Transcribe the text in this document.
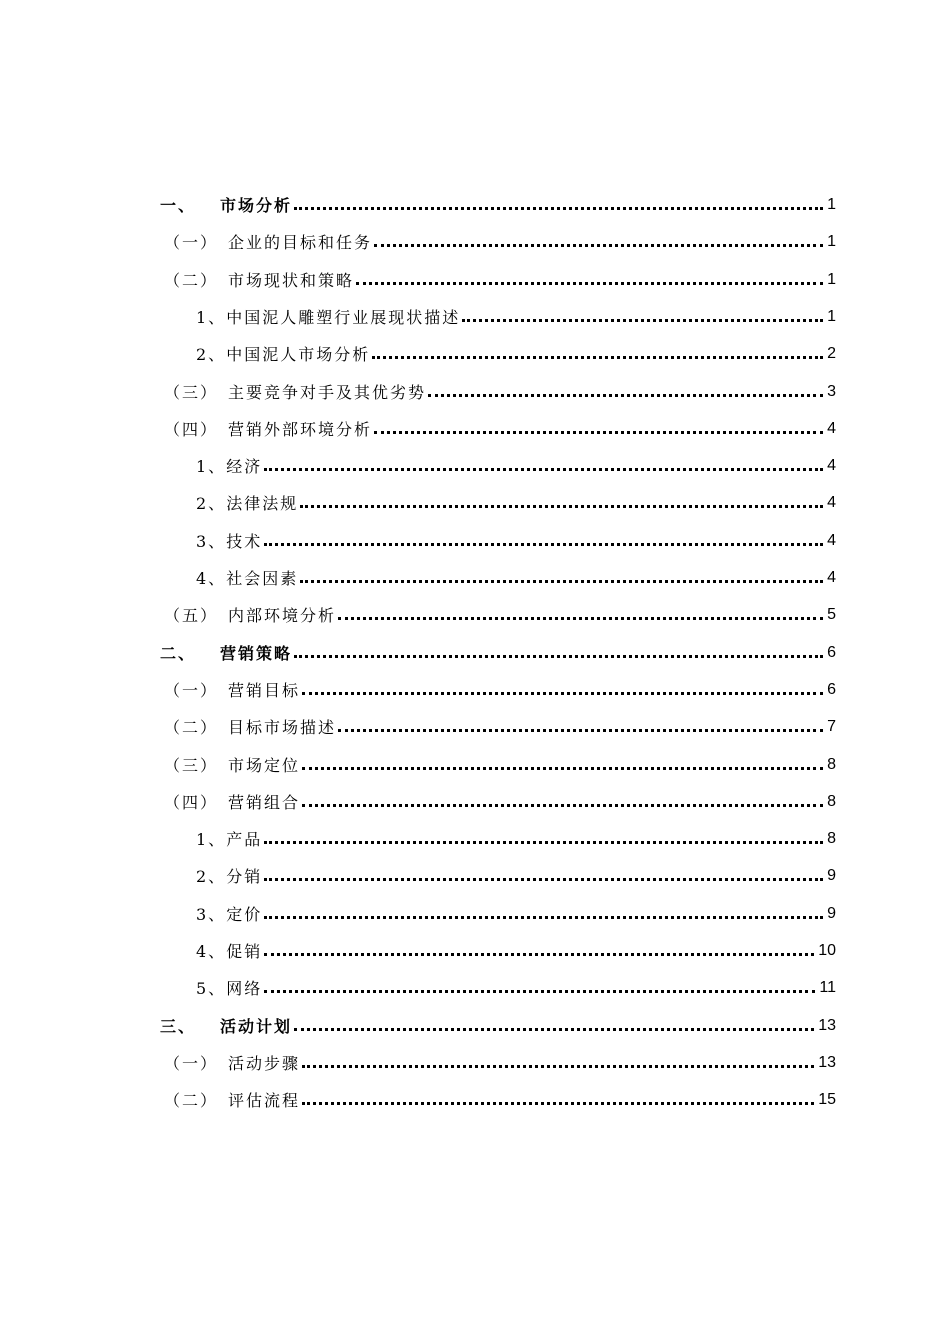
一、	市场分析	1
（一） 企业的目标和任务	1
（二） 市场现状和策略	1
1、 中国泥人雕塑行业展现状描述	1
2、 中国泥人市场分析	2
（三） 主要竞争对手及其优劣势	3
（四） 营销外部环境分析	4
1、 经济	4
2、 法律法规	4
3、 技术	4
4、 社会因素	4
（五） 内部环境分析	5
二、	营销策略	6
（一） 营销目标	6
（二） 目标市场描述	7
（三） 市场定位	8
（四） 营销组合	8
1、 产品	8
2、 分销	9
3、 定价	9
4、 促销	10
5、 网络	11
三、	活动计划	13
（一） 活动步骤	13
（二） 评估流程	15
